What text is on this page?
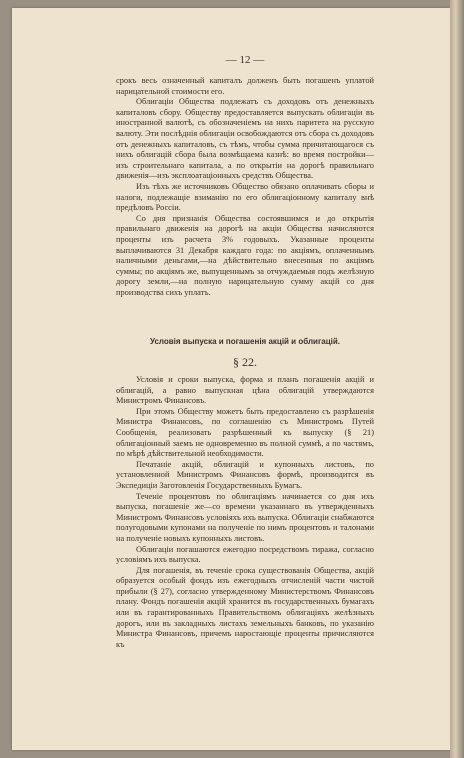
— 12 —

срокъ весь означенный капиталъ долженъ быть погашенъ уплатой нарицательной стоимости его.

Облигаціи Общества подлежатъ съ доходовъ отъ денежныхъ капиталовъ сбору. Обществу предоставляется выпускать облигаціи въ иностранной валютѣ, съ обозначеніемъ на нихъ паритета на русскую валюту. Эти послѣднія облигаціи освобождаются отъ сбора съ доходовъ отъ денежныхъ капиталовъ, съ тѣмъ, чтобы сумма причитающагося съ нихъ облигацій сбора была возмѣщаема казнѣ: во время постройки—изъ строительнаго капитала, а по открытіи на дорогѣ правильнаго движенія—изъ эксплоатаціонныхъ средствъ Общества.

Изъ тѣхъ же источниковъ Общество обязано оплачивать сборы и налоги, подлежащіе взиманію по его облигаціонному капиталу внѣ предѣловъ Россіи.

Со дня признанія Общества состоявшимся и до открытія правильнаго движенія на дорогѣ на акціи Общества начисляются проценты изъ расчета 3% годовыхъ. Указанные проценты выплачиваются 31 Декабря каждаго года: по акціямъ, оплаченнымъ наличными деньгами,—на дѣйствительно внесенныя по акціямъ суммы; по акціямъ же, выпущеннымъ за отчуждаемыя подъ желѣзную дорогу земли,—на полную нарицательную сумму акцій со дня производства сихъ уплатъ.

Условія выпуска и погашенія акцій и облигацій.
§ 22.

Условія и сроки выпуска, форма и планъ погашенія акцій и облигацій, а равно выпускная цѣна облигацій утверждаются Министромъ Финансовъ.

При этомъ Обществу можетъ быть предоставлено съ разрѣшенія Министра Финансовъ, по соглашенію съ Министромъ Путей Сообщенія, реализовать разрѣшенный къ выпуску (§ 21) облигаціонный заемъ не одновременно въ полной суммѣ, а по частямъ, по мѣрѣ дѣйствительной необходимости.

Печатаніе акцій, облигацій и купонныхъ листовъ, по установленной Министромъ Финансовъ формѣ, производится въ Экспедиціи Заготовленія Государственныхъ Бумагъ.

Теченіе процентовъ по облигаціямъ начинается со дня ихъ выпуска, погашеніе же—со времени указаннаго въ утвержденныхъ Министромъ Финансовъ условіяхъ ихъ выпуска. Облигаціи снабжаются полугодовыми купонами на полученіе по нимъ процентовъ и талонами на полученіе новыхъ купонныхъ листовъ.

Облигаціи погашаются ежегодно посредствомъ тиража, согласно условіямъ ихъ выпуска.

Для погашенія, въ теченіе срока существованія Общества, акцій образуется особый фондъ изъ ежегодныхъ отчисленій части чистой прибыли (§ 27), согласно утвержденному Министерствомъ Финансовъ плану. Фондъ погашенія акцій хранится въ государственныхъ бумагахъ или въ гарантированныхъ Правительствомъ облигаціяхъ желѣзныхъ дорогъ, или въ закладныхъ листахъ земельныхъ банковъ, по указанію Министра Финансовъ, причемъ наростающіе проценты причисляются къ
